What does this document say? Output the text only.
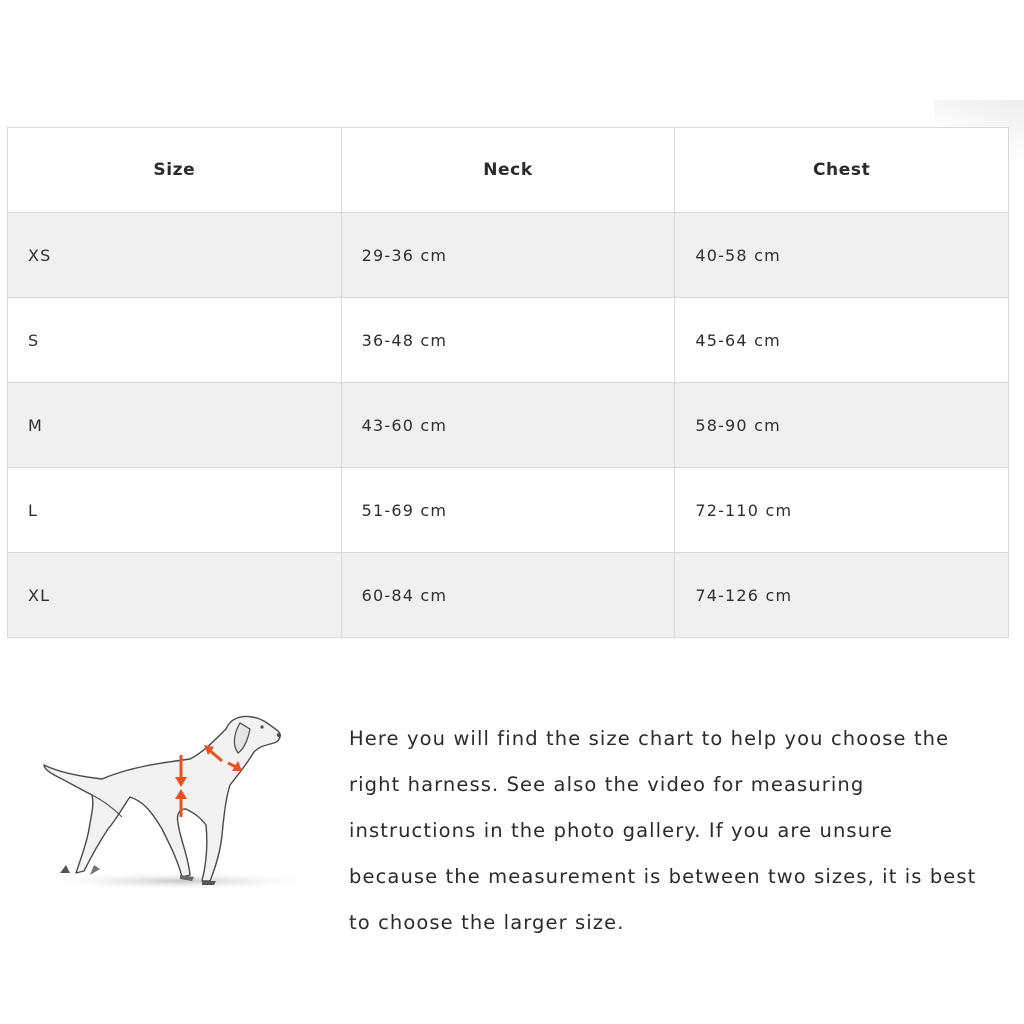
Size	Neck	Chest
XS	29-36 cm	40-58 cm
S	36-48 cm	45-64 cm
M	43-60 cm	58-90 cm
L	51-69 cm	72-110 cm
XL	60-84 cm	74-126 cm

Here you will find the size chart to help you choose the right harness. See also the video for measuring instructions in the photo gallery. If you are unsure because the measurement is between two sizes, it is best to choose the larger size.
